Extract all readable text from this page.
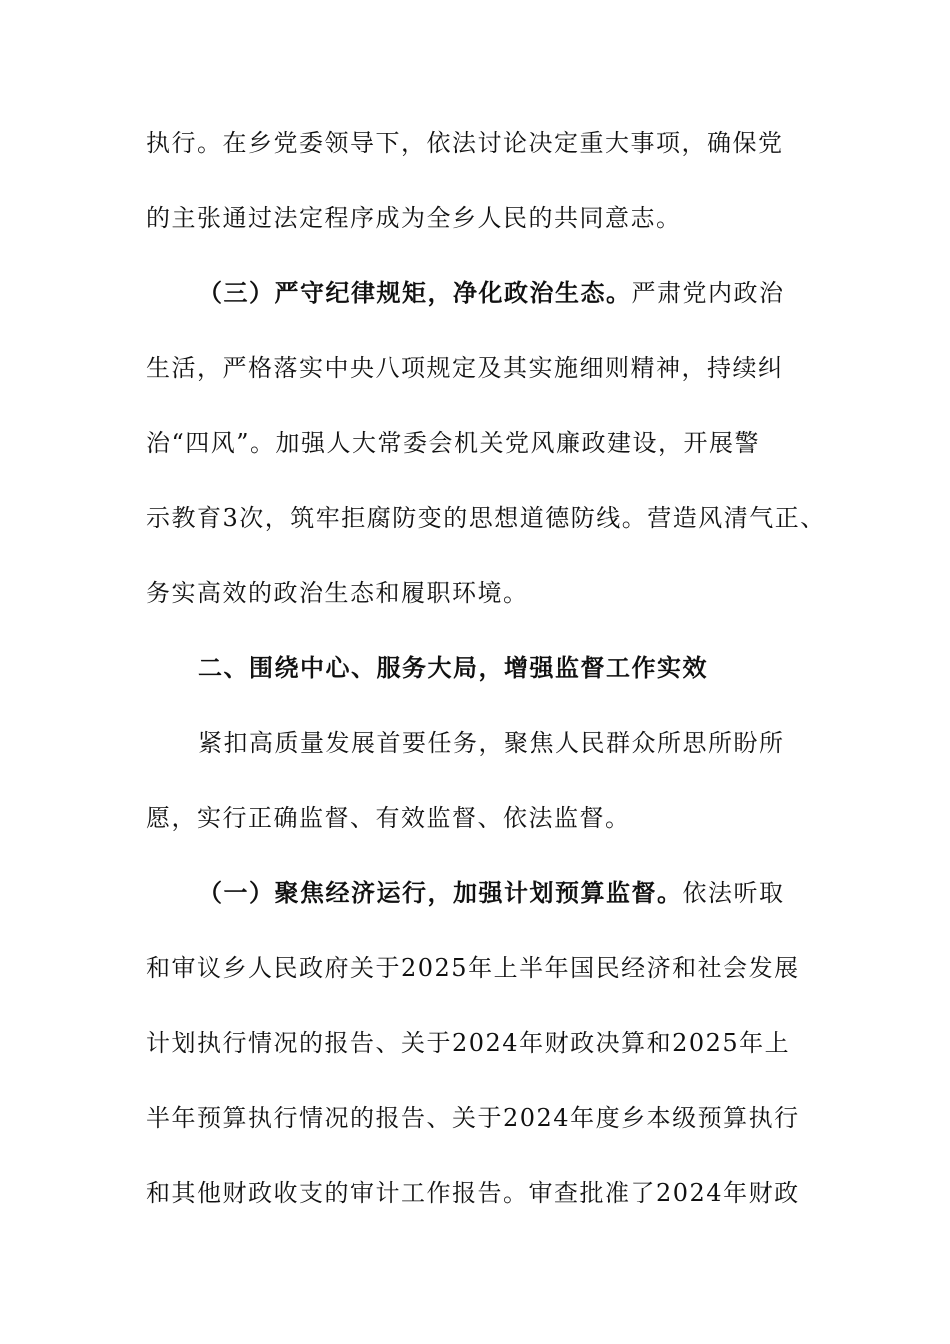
执行。在乡党委领导下，依法讨论决定重大事项，确保党
的主张通过法定程序成为全乡人民的共同意志。
（三）严守纪律规矩，净化政治生态。严肃党内政治
生活，严格落实中央八项规定及其实施细则精神，持续纠
治“四风”。加强人大常委会机关党风廉政建设，开展警
示教育3次，筑牢拒腐防变的思想道德防线。营造风清气正、
务实高效的政治生态和履职环境。
二、围绕中心、服务大局，增强监督工作实效
紧扣高质量发展首要任务，聚焦人民群众所思所盼所
愿，实行正确监督、有效监督、依法监督。
（一）聚焦经济运行，加强计划预算监督。依法听取
和审议乡人民政府关于2025年上半年国民经济和社会发展
计划执行情况的报告、关于2024年财政决算和2025年上
半年预算执行情况的报告、关于2024年度乡本级预算执行
和其他财政收支的审计工作报告。审查批准了2024年财政
